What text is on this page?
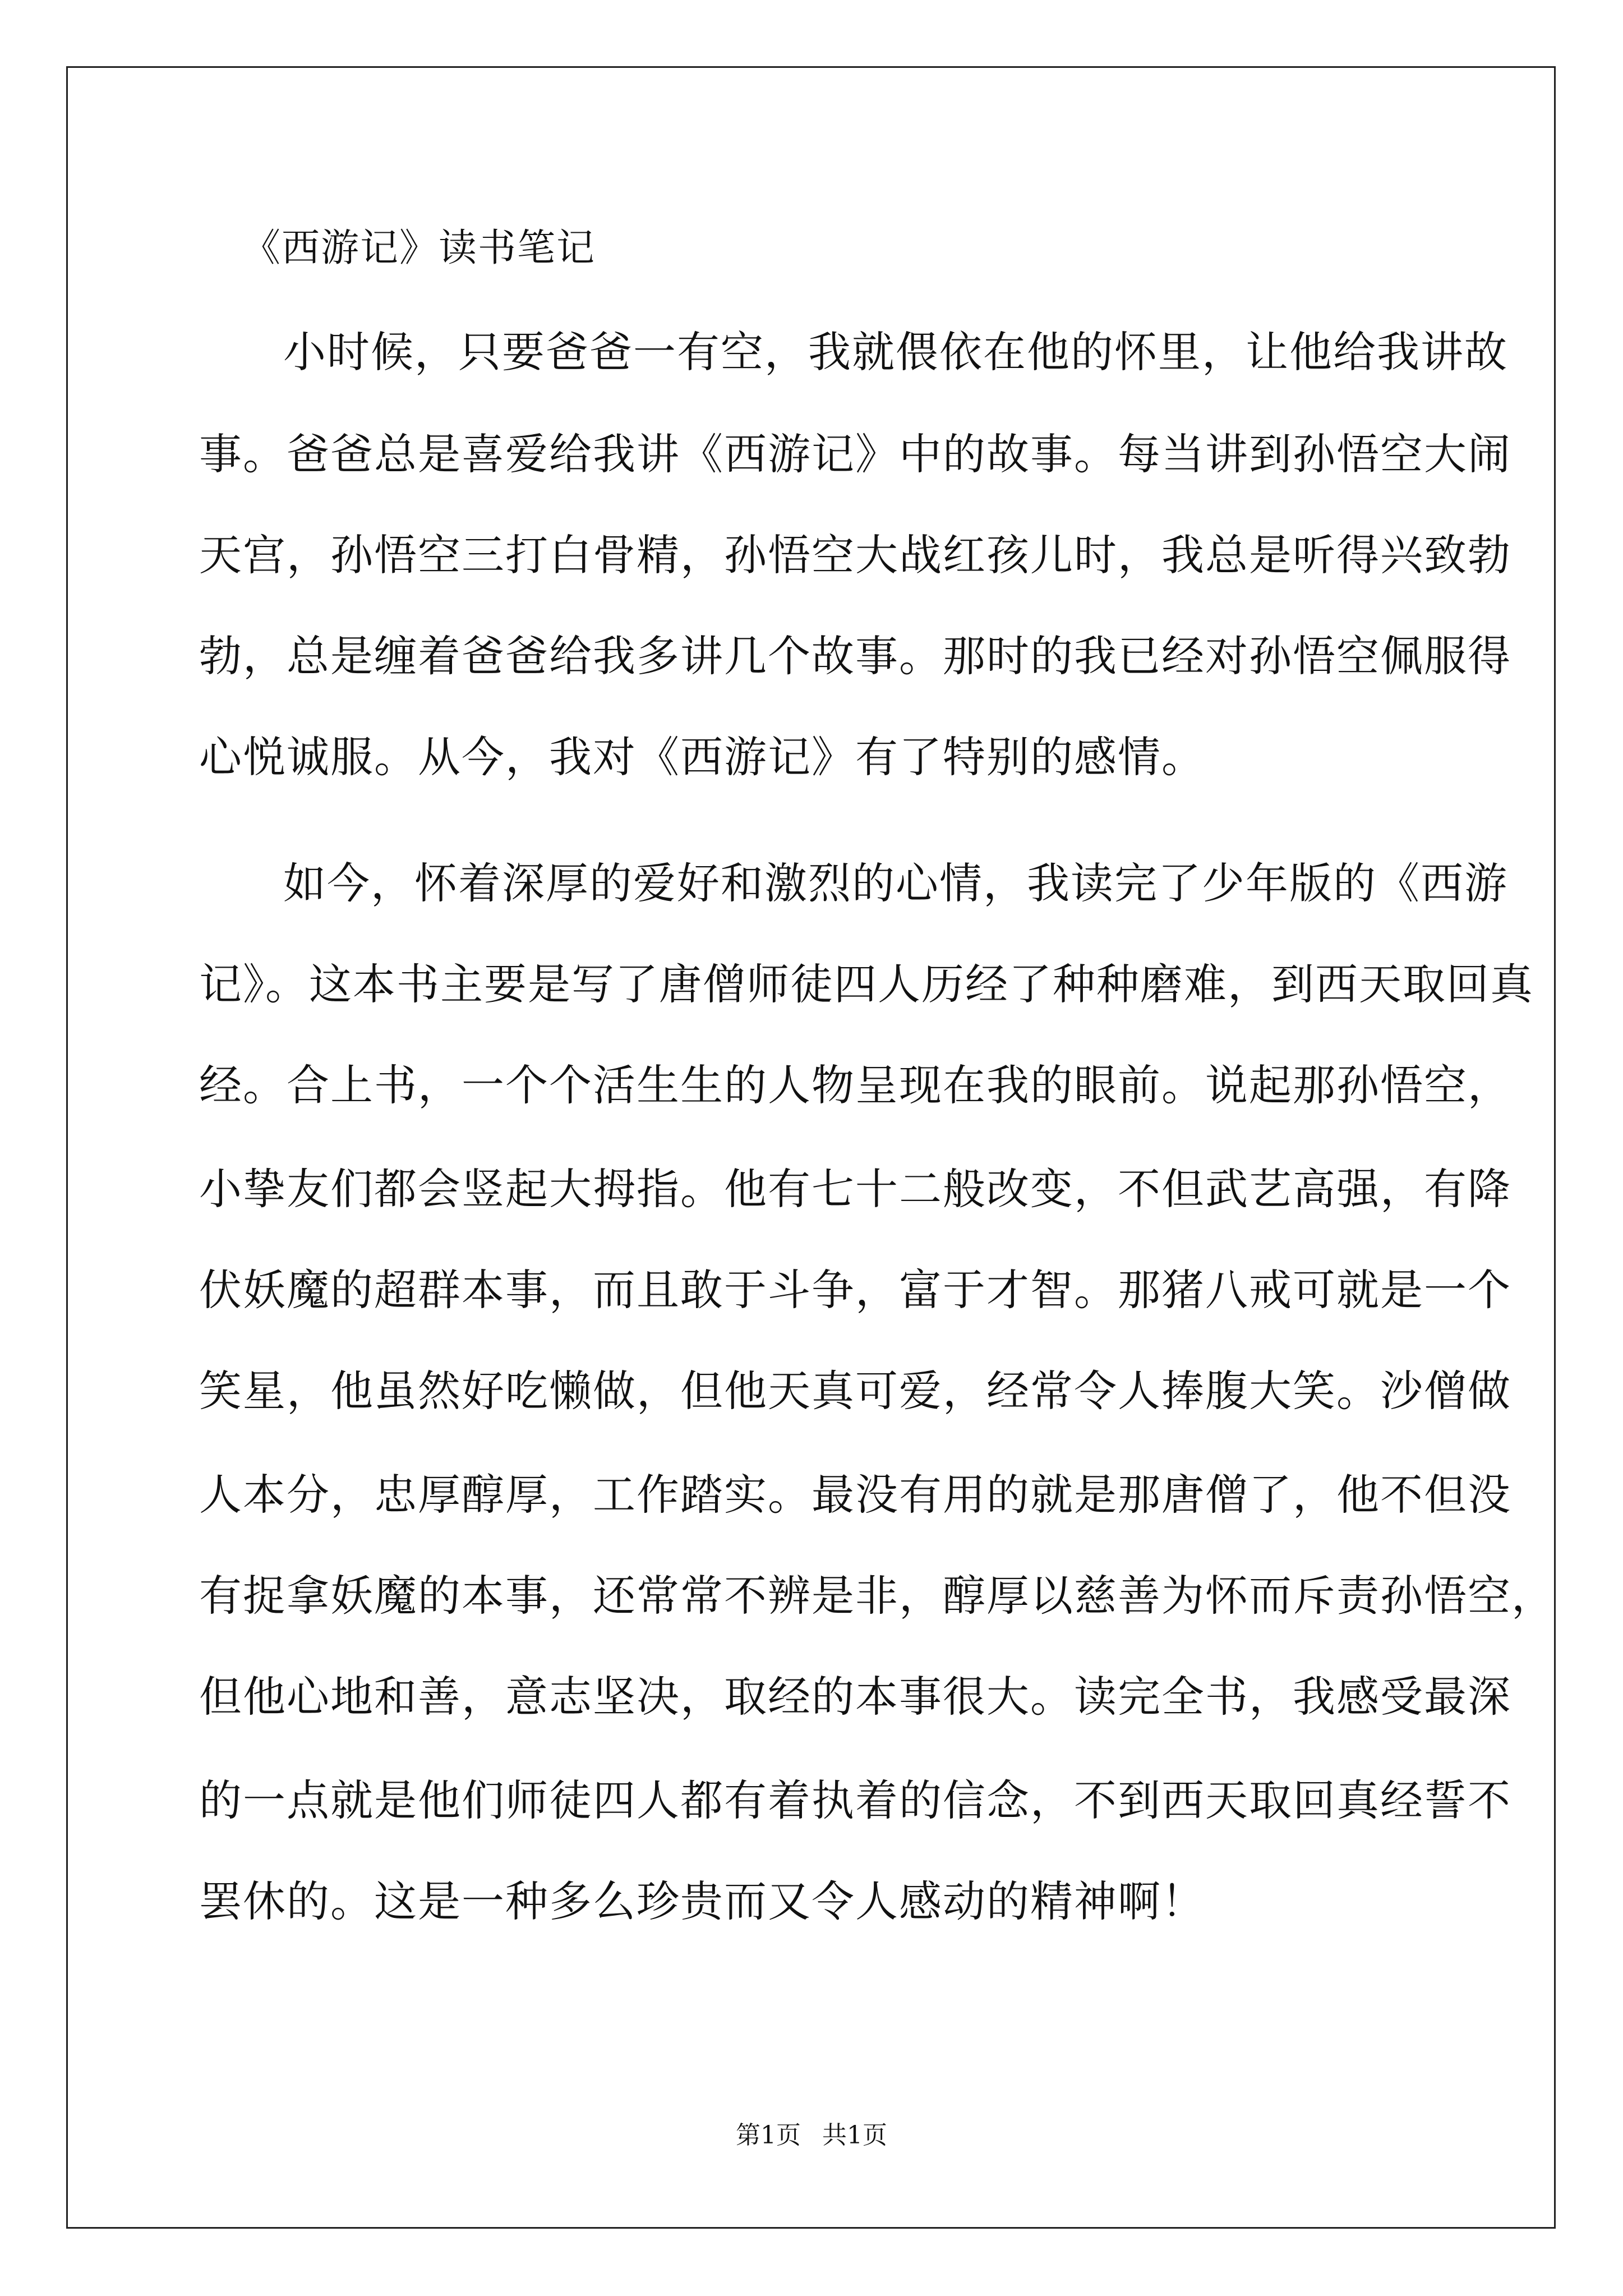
《西游记》读书笔记
小时候，只要爸爸一有空，我就偎依在他的怀里，让他给我讲故
事。爸爸总是喜爱给我讲《西游记》中的故事。每当讲到孙悟空大闹
天宫，孙悟空三打白骨精，孙悟空大战红孩儿时，我总是听得兴致勃
勃，总是缠着爸爸给我多讲几个故事。那时的我已经对孙悟空佩服得
心悦诚服。从今，我对《西游记》有了特别的感情。
如今，怀着深厚的爱好和激烈的心情，我读完了少年版的《西游
记》。这本书主要是写了唐僧师徒四人历经了种种磨难，到西天取回真
经。合上书，一个个活生生的人物呈现在我的眼前。说起那孙悟空，
小挚友们都会竖起大拇指。他有七十二般改变，不但武艺高强，有降
伏妖魔的超群本事，而且敢于斗争，富于才智。那猪八戒可就是一个
笑星，他虽然好吃懒做，但他天真可爱，经常令人捧腹大笑。沙僧做
人本分，忠厚醇厚，工作踏实。最没有用的就是那唐僧了，他不但没
有捉拿妖魔的本事，还常常不辨是非，醇厚以慈善为怀而斥责孙悟空，
但他心地和善，意志坚决，取经的本事很大。读完全书，我感受最深
的一点就是他们师徒四人都有着执着的信念，不到西天取回真经誓不
罢休的。这是一种多么珍贵而又令人感动的精神啊！
第1页 共1页
